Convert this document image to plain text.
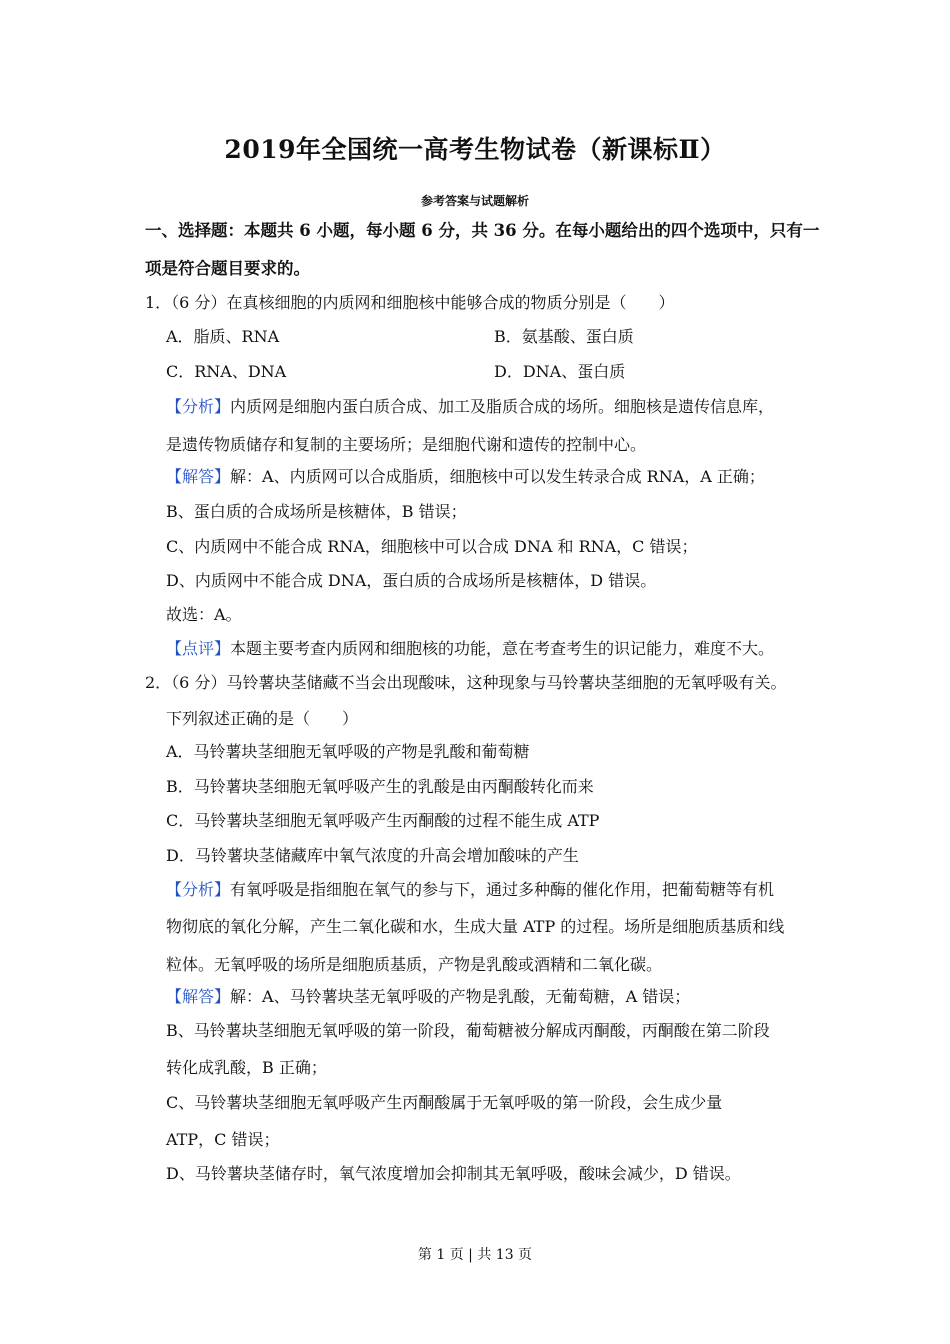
2019年全国统一高考生物试卷（新课标Ⅱ）
参考答案与试题解析
一、选择题：本题共 6 小题，每小题 6 分，共 36 分。在每小题给出的四个选项中，只有一
项是符合题目要求的。
1．（6 分）在真核细胞的内质网和细胞核中能够合成的物质分别是（　　）
A．脂质、RNA	B．氨基酸、蛋白质
C．RNA、DNA	D．DNA、蛋白质
【分析】内质网是细胞内蛋白质合成、加工及脂质合成的场所。细胞核是遗传信息库，
是遗传物质储存和复制的主要场所；是细胞代谢和遗传的控制中心。
【解答】解：A、内质网可以合成脂质，细胞核中可以发生转录合成 RNA，A 正确；
B、蛋白质的合成场所是核糖体，B 错误；
C、内质网中不能合成 RNA，细胞核中可以合成 DNA 和 RNA，C 错误；
D、内质网中不能合成 DNA，蛋白质的合成场所是核糖体，D 错误。
故选：A。
【点评】本题主要考查内质网和细胞核的功能，意在考查考生的识记能力，难度不大。
2．（6 分）马铃薯块茎储藏不当会出现酸味，这种现象与马铃薯块茎细胞的无氧呼吸有关。
下列叙述正确的是（　　）
A．马铃薯块茎细胞无氧呼吸的产物是乳酸和葡萄糖
B．马铃薯块茎细胞无氧呼吸产生的乳酸是由丙酮酸转化而来
C．马铃薯块茎细胞无氧呼吸产生丙酮酸的过程不能生成 ATP
D．马铃薯块茎储藏库中氧气浓度的升高会增加酸味的产生
【分析】有氧呼吸是指细胞在氧气的参与下，通过多种酶的催化作用，把葡萄糖等有机
物彻底的氧化分解，产生二氧化碳和水，生成大量 ATP 的过程。场所是细胞质基质和线
粒体。无氧呼吸的场所是细胞质基质，产物是乳酸或酒精和二氧化碳。
【解答】解：A、马铃薯块茎无氧呼吸的产物是乳酸，无葡萄糖，A 错误；
B、马铃薯块茎细胞无氧呼吸的第一阶段，葡萄糖被分解成丙酮酸，丙酮酸在第二阶段
转化成乳酸，B 正确；
C、马铃薯块茎细胞无氧呼吸产生丙酮酸属于无氧呼吸的第一阶段，会生成少量
ATP，C 错误；
D、马铃薯块茎储存时，氧气浓度增加会抑制其无氧呼吸，酸味会减少，D 错误。
第 1 页 | 共 13 页
